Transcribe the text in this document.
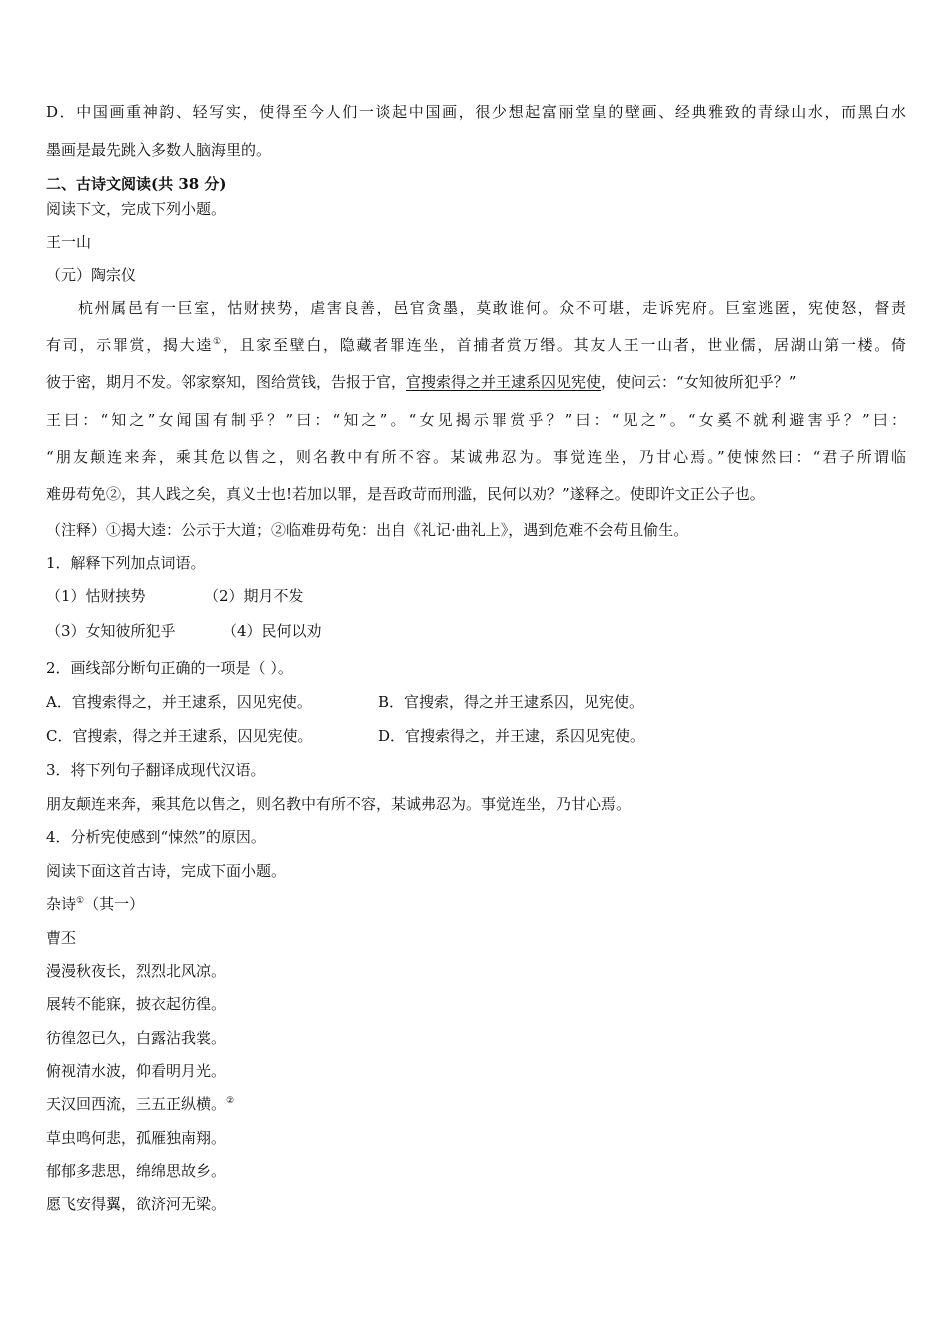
D．中国画重神韵、轻写实，使得至今人们一谈起中国画，很少想起富丽堂皇的壁画、经典雅致的青绿山水，而黑白水
墨画是最先跳入多数人脑海里的。
二、古诗文阅读(共 38 分)
阅读下文，完成下列小题。
王一山
（元）陶宗仪
杭州属邑有一巨室，怙财挟势，虐害良善，邑官贪墨，莫敢谁何。众不可堪，走诉宪府。巨室逃匿，宪使怒，督责
有司，示罪赏，揭大逵①，且家至壁白，隐藏者罪连坐，首捕者赏万缗。其友人王一山者，世业儒，居湖山第一楼。倚
彼于密，期月不发。邻家察知，图给赏钱，告报于官，官搜索得之并王逮系囚见宪使，使问云：“女知彼所犯乎？”
王曰：“知之”女闻国有制乎？”曰：“知之”。“女见揭示罪赏乎？”曰：“见之”。“女奚不就利避害乎？”曰：
“朋友颠连来奔，乘其危以售之，则名教中有所不容。某诚弗忍为。事觉连坐，乃甘心焉。”使悚然曰：“君子所谓临
难毋苟免②，其人践之矣，真义士也!若加以罪，是吾政苛而刑滥，民何以劝？”遂释之。使即许文正公子也。
（注释）①揭大逵：公示于大道；②临难毋苟免：出自《礼记·曲礼上》，遇到危难不会苟且偷生。
1．解释下列加点词语。
（1）怙财挟势	（2）期月不发
（3）女知彼所犯乎	（4）民何以劝
2．画线部分断句正确的一项是（ ）。
A．官搜索得之，并王逮系，囚见宪使。	B．官搜索，得之并王逮系囚，见宪使。
C．官搜索，得之并王逮系，囚见宪使。	D．官搜索得之，并王逮，系囚见宪使。
3．将下列句子翻译成现代汉语。
朋友颠连来奔，乘其危以售之，则名教中有所不容，某诚弗忍为。事觉连坐，乃甘心焉。
4．分析宪使感到“悚然”的原因。
阅读下面这首古诗，完成下面小题。
杂诗①（其一）
曹丕
漫漫秋夜长，烈烈北风凉。
展转不能寐，披衣起彷徨。
彷徨忽已久，白露沾我裳。
俯视清水波，仰看明月光。
天汉回西流，三五正纵横。②
草虫鸣何悲，孤雁独南翔。
郁郁多悲思，绵绵思故乡。
愿飞安得翼，欲济河无梁。
